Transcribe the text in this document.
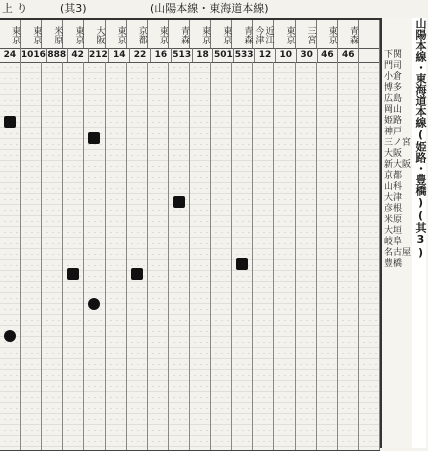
上 り	(其3)	(山陽本線・東海道本線)
東京	東京	米原	東京	大阪	東京	京都	東京	青森	東京	東京	青森	近江今津	東京	三宮	東京	青森
24 1016 888 42 212 14 22 16 513 18 501 533 12 10 30 46 46	山陽本線・東海道本線(姫路・豊橋)(其3)
下関
門司
小倉
博多
広島
岡山
姫路
神戸
三ノ宮
大阪
新大阪
京都
山科
大津
彦根
米原
大垣
岐阜
名古屋
豊橋
